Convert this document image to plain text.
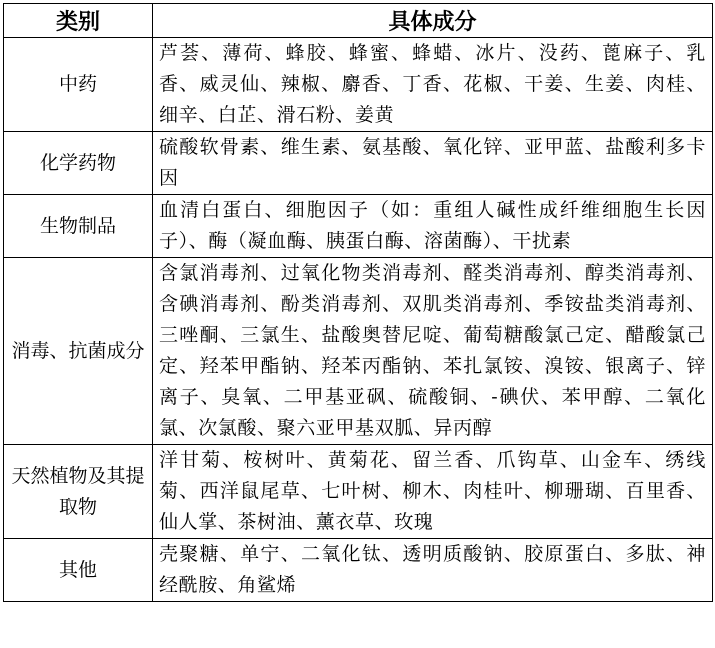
类别	具体成分
中药	芦荟、薄荷、蜂胶、蜂蜜、蜂蜡、冰片、没药、蓖麻子、乳香、威灵仙、辣椒、麝香、丁香、花椒、干姜、生姜、肉桂、细辛、白芷、滑石粉、姜黄
化学药物	硫酸软骨素、维生素、氨基酸、氧化锌、亚甲蓝、盐酸利多卡因
生物制品	血清白蛋白、细胞因子（如：重组人碱性成纤维细胞生长因子）、酶（凝血酶、胰蛋白酶、溶菌酶）、干扰素
消毒、抗菌成分	含氯消毒剂、过氧化物类消毒剂、醛类消毒剂、醇类消毒剂、含碘消毒剂、酚类消毒剂、双肌类消毒剂、季铵盐类消毒剂、三唑酮、三氯生、盐酸奥替尼啶、葡萄糖酸氯己定、醋酸氯己定、羟苯甲酯钠、羟苯丙酯钠、苯扎氯铵、溴铵、银离子、锌离子、臭氧、二甲基亚砜、硫酸铜、-碘伏、苯甲醇、二氧化氯、次氯酸、聚六亚甲基双胍、异丙醇
天然植物及其提取物	洋甘菊、桉树叶、黄菊花、留兰香、爪钩草、山金车、绣线菊、西洋鼠尾草、七叶树、柳木、肉桂叶、柳珊瑚、百里香、仙人掌、茶树油、薰衣草、玫瑰
其他	壳聚糖、单宁、二氧化钛、透明质酸钠、胶原蛋白、多肽、神经酰胺、角鲨烯
